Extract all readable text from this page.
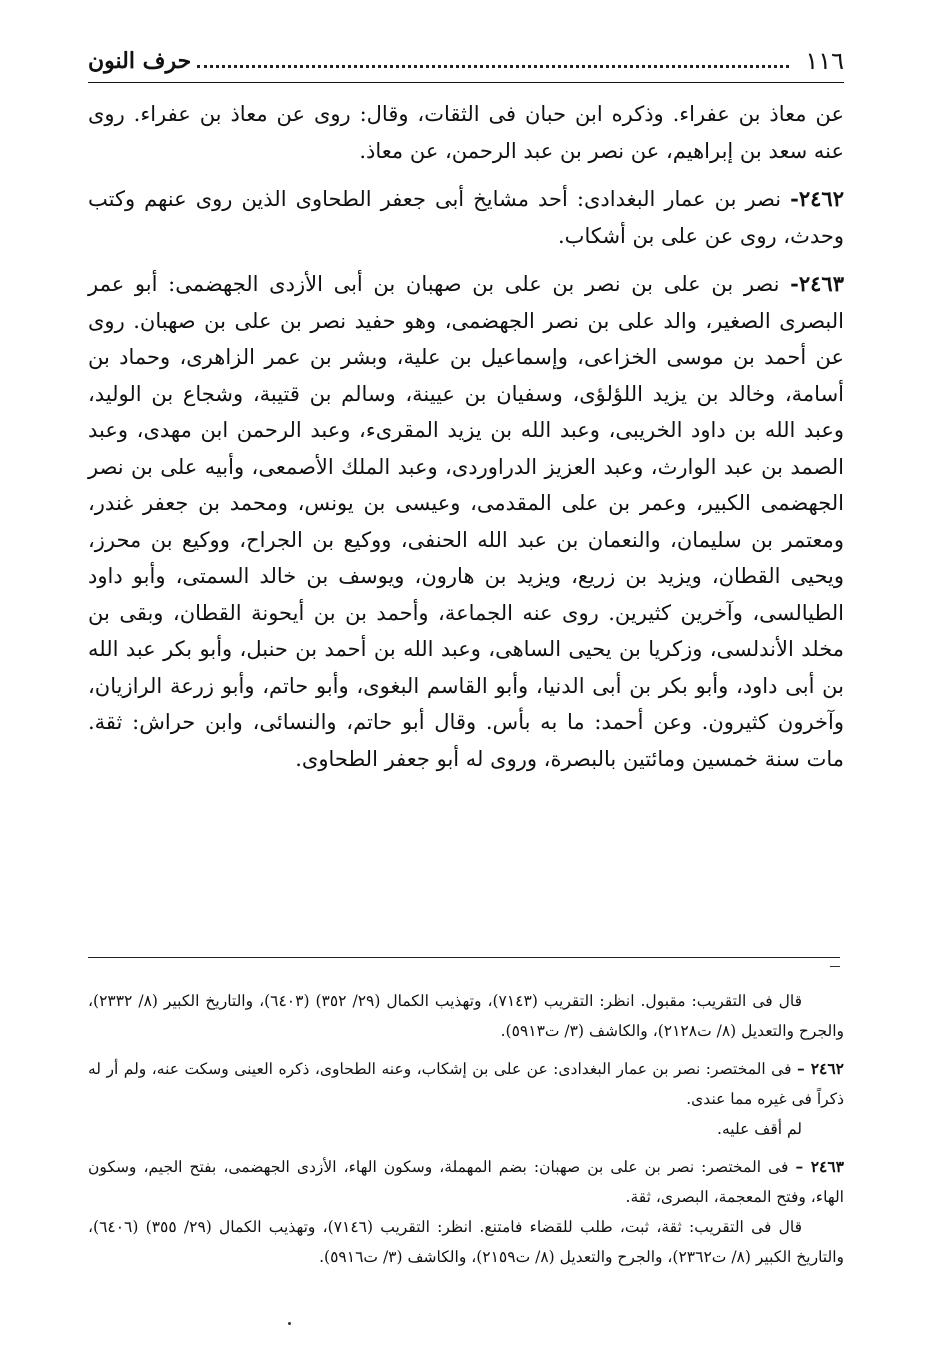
١١٦
حرف النون

عن معاذ بن عفراء. وذكره ابن حبان فى الثقات، وقال: روى عن معاذ بن عفراء. روى عنه سعد بن إبراهيم، عن نصر بن عبد الرحمن، عن معاذ.

٢٤٦٢- نصر بن عمار البغدادى: أحد مشايخ أبى جعفر الطحاوى الذين روى عنهم وكتب وحدث، روى عن على بن أشكاب.

٢٤٦٣- نصر بن على بن نصر بن على بن صهبان بن أبى الأزدى الجهضمى: أبو عمر البصرى الصغير، والد على بن نصر الجهضمى، وهو حفيد نصر بن على بن صهبان. روى عن أحمد بن موسى الخزاعى، وإسماعيل بن علية، وبشر بن عمر الزاهرى، وحماد بن أسامة، وخالد بن يزيد اللؤلؤى، وسفيان بن عيينة، وسالم بن قتيبة، وشجاع بن الوليد، وعبد الله بن داود الخريبى، وعبد الله بن يزيد المقرىء، وعبد الرحمن ابن مهدى، وعبد الصمد بن عبد الوارث، وعبد العزيز الدراوردى، وعبد الملك الأصمعى، وأبيه على بن نصر الجهضمى الكبير، وعمر بن على المقدمى، وعيسى بن يونس، ومحمد بن جعفر غندر، ومعتمر بن سليمان، والنعمان بن عبد الله الحنفى، ووكيع بن الجراح، ووكيع بن محرز، ويحيى القطان، ويزيد بن زريع، ويزيد بن هارون، ويوسف بن خالد السمتى، وأبو داود الطيالسى، وآخرين كثيرين. روى عنه الجماعة، وأحمد بن بن أيحونة القطان، وبقى بن مخلد الأندلسى، وزكريا بن يحيى الساهى، وعبد الله بن أحمد بن حنبل، وأبو بكر عبد الله بن أبى داود، وأبو بكر بن أبى الدنيا، وأبو القاسم البغوى، وأبو حاتم، وأبو زرعة الرازيان، وآخرون كثيرون. وعن أحمد: ما به بأس. وقال أبو حاتم، والنسائى، وابن حراش: ثقة. مات سنة خمسين ومائتين بالبصرة، وروى له أبو جعفر الطحاوى.

قال فى التقريب: مقبول. انظر: التقريب (٧١٤٣)، وتهذيب الكمال (٢٩/ ٣٥٢) (٦٤٠٣)، والتاريخ الكبير (٨/ ٢٣٣٢)، والجرح والتعديل (٨/ ت٢١٢٨)، والكاشف (٣/ ت٥٩١٣).

٢٤٦٢ – فى المختصر: نصر بن عمار البغدادى: عن على بن إشكاب، وعنه الطحاوى، ذكره العينى وسكت عنه، ولم أر له ذكراً فى غيره مما عندى.
لم أقف عليه.

٢٤٦٣ – فى المختصر: نصر بن على بن صهبان: بضم المهملة، وسكون الهاء، الأزدى الجهضمى، بفتح الجيم، وسكون الهاء، وفتح المعجمة، البصرى، ثقة.
قال فى التقريب: ثقة، ثبت، طلب للقضاء فامتنع. انظر: التقريب (٧١٤٦)، وتهذيب الكمال (٢٩/ ٣٥٥) (٦٤٠٦)، والتاريخ الكبير (٨/ ت٢٣٦٢)، والجرح والتعديل (٨/ ت٢١٥٩)، والكاشف (٣/ ت٥٩١٦).
